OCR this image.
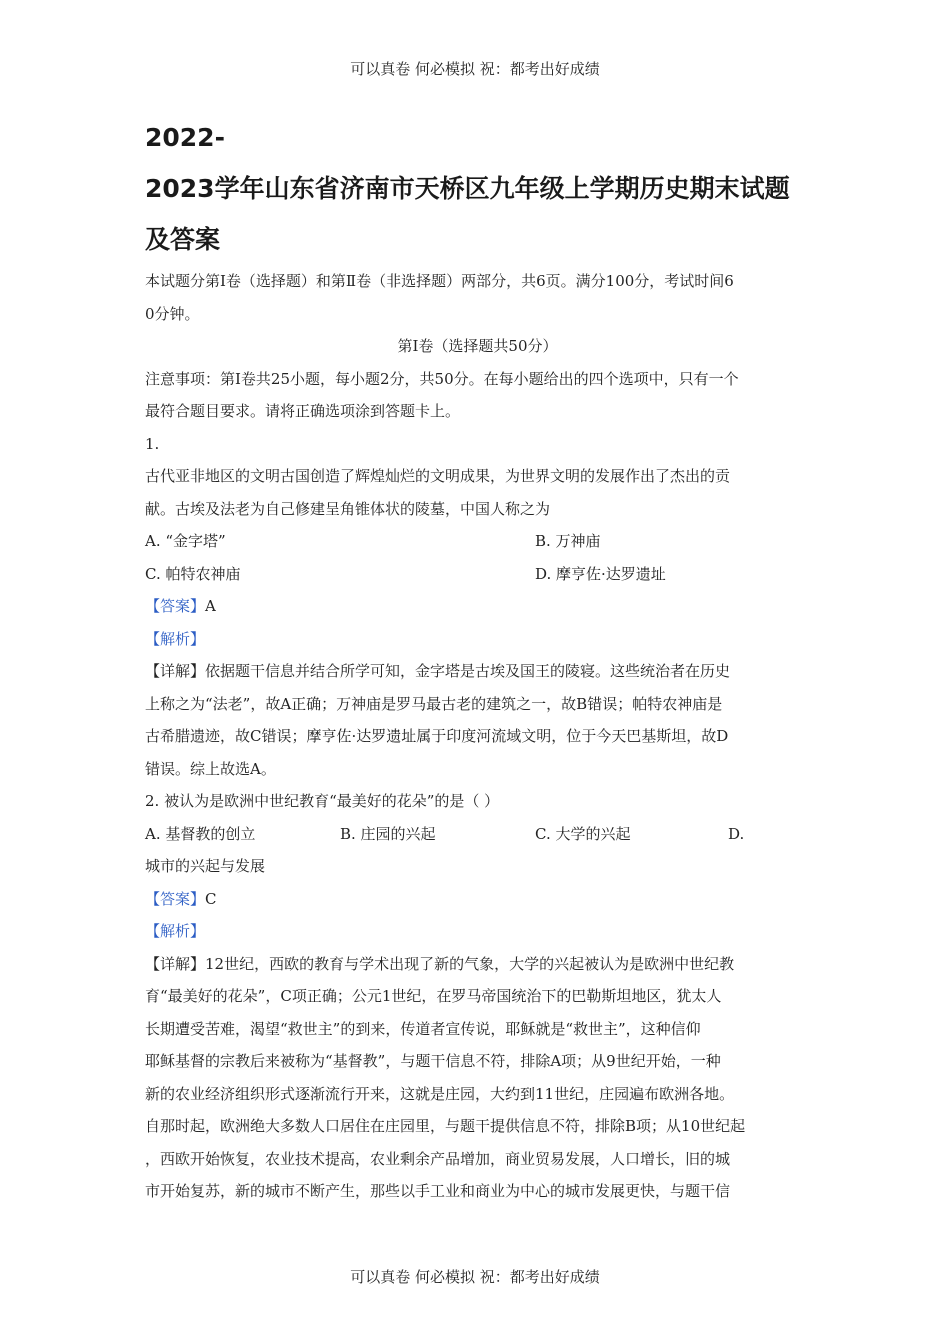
可以真卷 何必模拟 祝：都考出好成绩

2022-

2023学年山东省济南市天桥区九年级上学期历史期末试题

及答案

本试题分第Ⅰ卷（选择题）和第Ⅱ卷（非选择题）两部分，共6页。满分100分，考试时间6

0分钟。

第Ⅰ卷（选择题共50分）

注意事项：第Ⅰ卷共25小题，每小题2分，共50分。在每小题给出的四个选项中，只有一个

最符合题目要求。请将正确选项涂到答题卡上。

1.

古代亚非地区的文明古国创造了辉煌灿烂的文明成果，为世界文明的发展作出了杰出的贡

献。古埃及法老为自己修建呈角锥体状的陵墓，中国人称之为

A. “金字塔”	B. 万神庙
C. 帕特农神庙	D. 摩亨佐·达罗遗址

【答案】A

【解析】

【详解】依据题干信息并结合所学可知，金字塔是古埃及国王的陵寝。这些统治者在历史

上称之为“法老”，故A正确；万神庙是罗马最古老的建筑之一，故B错误；帕特农神庙是

古希腊遗迹，故C错误；摩亨佐·达罗遗址属于印度河流域文明，位于今天巴基斯坦，故D

错误。综上故选A。

2. 被认为是欧洲中世纪教育“最美好的花朵”的是（ ）

A. 基督教的创立	B. 庄园的兴起	C. 大学的兴起	D.

城市的兴起与发展

【答案】C

【解析】

【详解】12世纪，西欧的教育与学术出现了新的气象，大学的兴起被认为是欧洲中世纪教

育“最美好的花朵”，C项正确；公元1世纪，在罗马帝国统治下的巴勒斯坦地区，犹太人

长期遭受苦难，渴望“救世主”的到来，传道者宣传说，耶稣就是“救世主”，这种信仰

耶稣基督的宗教后来被称为“基督教”，与题干信息不符，排除A项；从9世纪开始，一种

新的农业经济组织形式逐渐流行开来，这就是庄园，大约到11世纪，庄园遍布欧洲各地。

自那时起，欧洲绝大多数人口居住在庄园里，与题干提供信息不符，排除B项；从10世纪起

，西欧开始恢复，农业技术提高，农业剩余产品增加，商业贸易发展，人口增长，旧的城

市开始复苏，新的城市不断产生，那些以手工业和商业为中心的城市发展更快，与题干信

可以真卷 何必模拟 祝：都考出好成绩
